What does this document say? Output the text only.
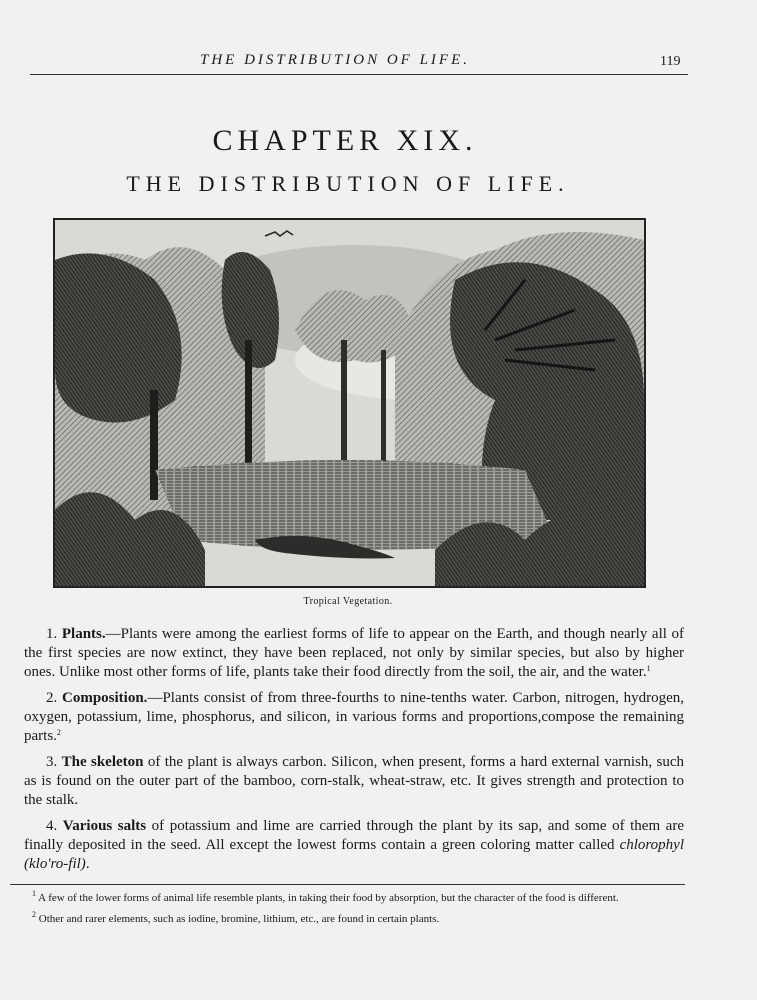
THE DISTRIBUTION OF LIFE.	119
CHAPTER XIX.
THE DISTRIBUTION OF LIFE.
Tropical Vegetation.

1. Plants.—Plants were among the earliest forms of life to appear on the Earth, and though nearly all of the first species are now extinct, they have been replaced, not only by similar species, but also by higher ones. Unlike most other forms of life, plants take their food directly from the soil, the air, and the water.$^1$

2. Composition.—Plants consist of from three-fourths to nine-tenths water. Carbon, nitrogen, hydrogen, oxygen, potassium, lime, phosphorus, and silicon, in various forms and proportions,compose the remaining parts.$^2$

3. The skeleton of the plant is always carbon. Silicon, when present, forms a hard external varnish, such as is found on the outer part of the bamboo, corn-stalk, wheat-straw, etc. It gives strength and protection to the stalk.

4. Various salts of potassium and lime are carried through the plant by its sap, and some of them are finally deposited in the seed. All except the lowest forms contain a green coloring matter called chlorophyl (klo'ro-fil).

$^1$ A few of the lower forms of animal life resemble plants, in taking their food by absorption, but the character of the food is different.

$^2$ Other and rarer elements, such as iodine, bromine, lithium, etc., are found in certain plants.
